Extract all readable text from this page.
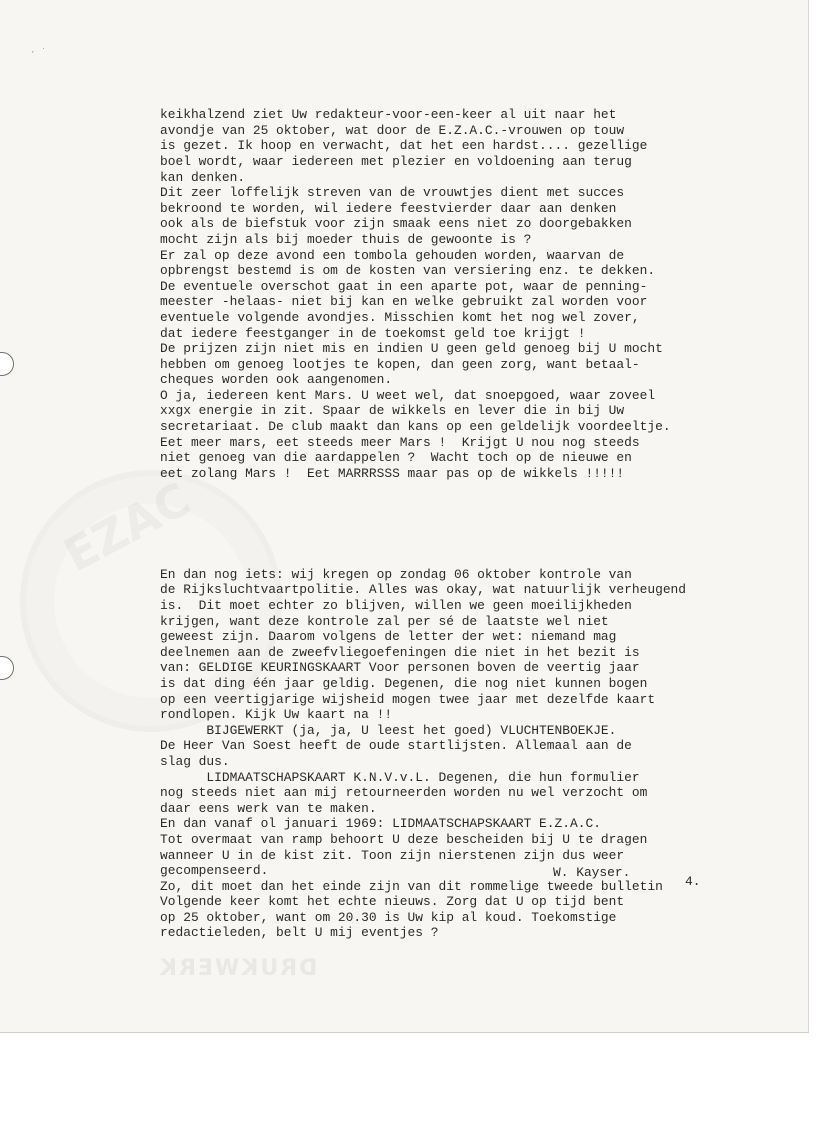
· ˙
EZAC
DRUKWERK

keikhalzend ziet Uw redakteur-voor-een-keer al uit naar het
avondje van 25 oktober, wat door de E.Z.A.C.-vrouwen op touw
is gezet. Ik hoop en verwacht, dat het een hardst.... gezellige
boel wordt, waar iedereen met plezier en voldoening aan terug
kan denken.
Dit zeer loffelijk streven van de vrouwtjes dient met succes
bekroond te worden, wil iedere feestvierder daar aan denken
ook als de biefstuk voor zijn smaak eens niet zo doorgebakken
mocht zijn als bij moeder thuis de gewoonte is ?
Er zal op deze avond een tombola gehouden worden, waarvan de
opbrengst bestemd is om de kosten van versiering enz. te dekken.
De eventuele overschot gaat in een aparte pot, waar de penning-
meester -helaas- niet bij kan en welke gebruikt zal worden voor
eventuele volgende avondjes. Misschien komt het nog wel zover,
dat iedere feestganger in de toekomst geld toe krijgt !
De prijzen zijn niet mis en indien U geen geld genoeg bij U mocht
hebben om genoeg lootjes te kopen, dan geen zorg, want betaal-
cheques worden ook aangenomen.
O ja, iedereen kent Mars. U weet wel, dat snoepgoed, waar zoveel
xxgx energie in zit. Spaar de wikkels en lever die in bij Uw
secretariaat. De club maakt dan kans op een geldelijk voordeeltje.
Eet meer mars, eet steeds meer Mars !  Krijgt U nou nog steeds
niet genoeg van die aardappelen ?  Wacht toch op de nieuwe en
eet zolang Mars !  Eet MARRRSSS maar pas op de wikkels !!!!!

En dan nog iets: wij kregen op zondag 06 oktober kontrole van
de Rijksluchtvaartpolitie. Alles was okay, wat natuurlijk verheugend
is.  Dit moet echter zo blijven, willen we geen moeilijkheden
krijgen, want deze kontrole zal per sé de laatste wel niet
geweest zijn. Daarom volgens de letter der wet: niemand mag
deelnemen aan de zweefvliegoefeningen die niet in het bezit is
van: GELDIGE KEURINGSKAART Voor personen boven de veertig jaar
is dat ding één jaar geldig. Degenen, die nog niet kunnen bogen
op een veertigjarige wijsheid mogen twee jaar met dezelfde kaart
rondlopen. Kijk Uw kaart na !!
BIJGEWERKT (ja, ja, U leest het goed) VLUCHTENBOEKJE.
De Heer Van Soest heeft de oude startlijsten. Allemaal aan de
slag dus.
LIDMAATSCHAPSKAART K.N.V.v.L. Degenen, die hun formulier
nog steeds niet aan mij retourneerden worden nu wel verzocht om
daar eens werk van te maken.
En dan vanaf ol januari 1969: LIDMAATSCHAPSKAART E.Z.A.C.
Tot overmaat van ramp behoort U deze bescheiden bij U te dragen
wanneer U in de kist zit. Toon zijn nierstenen zijn dus weer
gecompenseerd.
Zo, dit moet dan het einde zijn van dit rommelige tweede bulletin
Volgende keer komt het echte nieuws. Zorg dat U op tijd bent
op 25 oktober, want om 20.30 is Uw kip al koud. Toekomstige
redactieleden, belt U mij eventjes ?

W. Kayser.
4.
